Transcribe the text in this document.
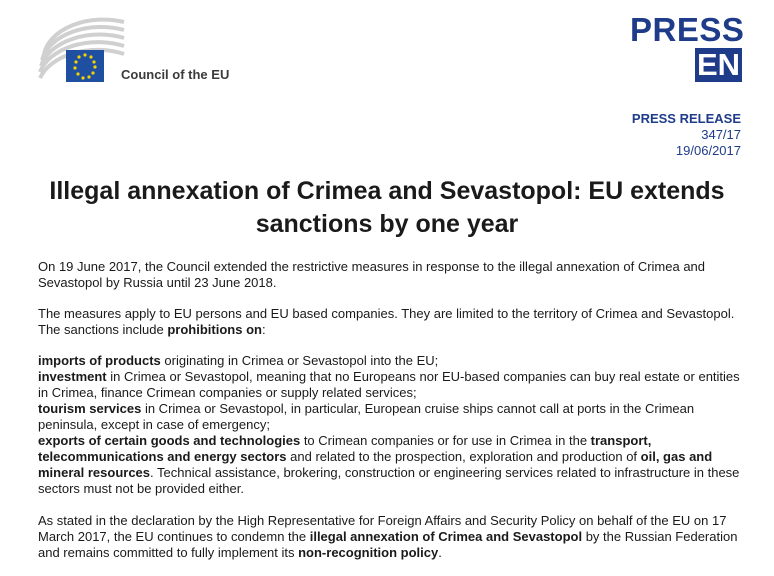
Council of the EU
PRESS
EN
PRESS RELEASE
347/17
19/06/2017
Illegal annexation of Crimea and Sevastopol: EU extends sanctions by one year

On 19 June 2017, the Council extended the restrictive measures in response to the illegal annexation of Crimea and Sevastopol by Russia until 23 June 2018.

The measures apply to EU persons and EU based companies. They are limited to the territory of Crimea and Sevastopol. The sanctions include prohibitions on:

imports of products originating in Crimea or Sevastopol into the EU;
investment in Crimea or Sevastopol, meaning that no Europeans nor EU-based companies can buy real estate or entities in Crimea, finance Crimean companies or supply related services;
tourism services in Crimea or Sevastopol, in particular, European cruise ships cannot call at ports in the Crimean peninsula, except in case of emergency;
exports of certain goods and technologies to Crimean companies or for use in Crimea in the transport, telecommunications and energy sectors and related to the prospection, exploration and production of oil, gas and mineral resources. Technical assistance, brokering, construction or engineering services related to infrastructure in these sectors must not be provided either.

As stated in the declaration by the High Representative for Foreign Affairs and Security Policy on behalf of the EU on 17 March 2017, the EU continues to condemn the illegal annexation of Crimea and Sevastopol by the Russian Federation and remains committed to fully implement its non-recognition policy.
